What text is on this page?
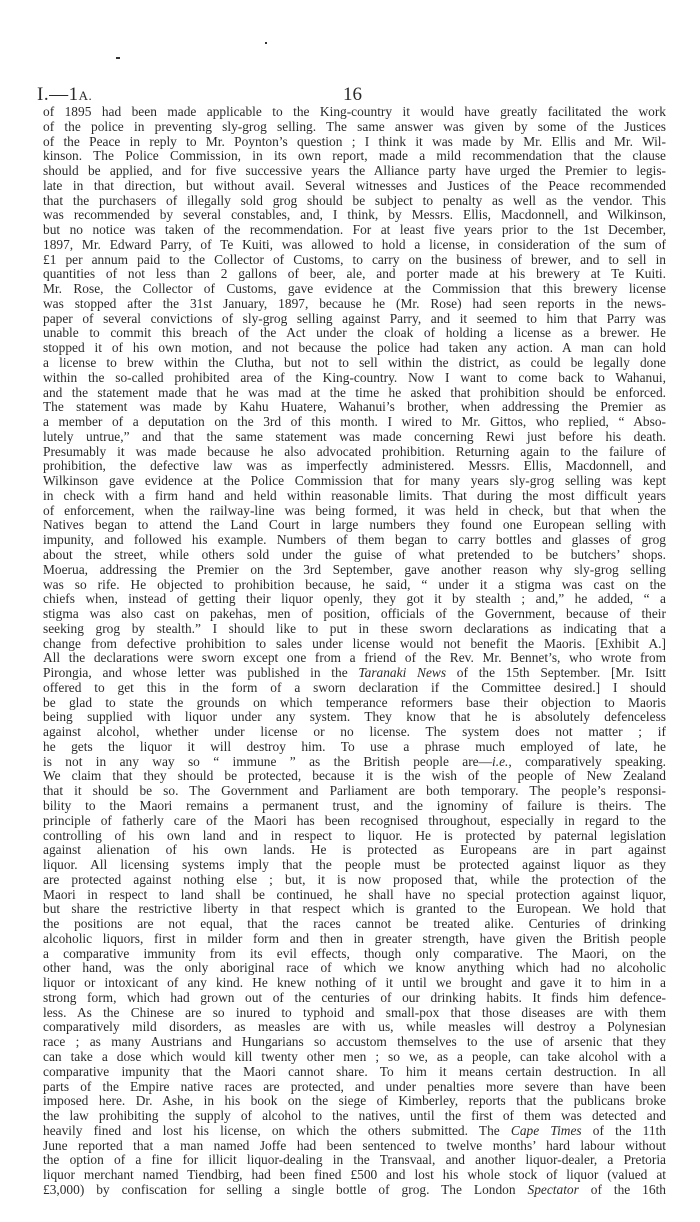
I.—1A.	16
of 1895 had been made applicable to the King-country it would have greatly facilitated the work
of the police in preventing sly-grog selling. The same answer was given by some of the Justices
of the Peace in reply to Mr. Poynton’s question ; I think it was made by Mr. Ellis and Mr. Wil-
kinson. The Police Commission, in its own report, made a mild recommendation that the clause
should be applied, and for five successive years the Alliance party have urged the Premier to legis-
late in that direction, but without avail. Several witnesses and Justices of the Peace recommended
that the purchasers of illegally sold grog should be subject to penalty as well as the vendor. This
was recommended by several constables, and, I think, by Messrs. Ellis, Macdonnell, and Wilkinson,
but no notice was taken of the recommendation. For at least five years prior to the 1st December,
1897, Mr. Edward Parry, of Te Kuiti, was allowed to hold a license, in consideration of the sum of
£1 per annum paid to the Collector of Customs, to carry on the business of brewer, and to sell in
quantities of not less than 2 gallons of beer, ale, and porter made at his brewery at Te Kuiti.
Mr. Rose, the Collector of Customs, gave evidence at the Commission that this brewery license
was stopped after the 31st January, 1897, because he (Mr. Rose) had seen reports in the news-
paper of several convictions of sly-grog selling against Parry, and it seemed to him that Parry was
unable to commit this breach of the Act under the cloak of holding a license as a brewer. He
stopped it of his own motion, and not because the police had taken any action. A man can hold
a license to brew within the Clutha, but not to sell within the district, as could be legally done
within the so-called prohibited area of the King-country. Now I want to come back to Wahanui,
and the statement made that he was mad at the time he asked that prohibition should be enforced.
The statement was made by Kahu Huatere, Wahanui’s brother, when addressing the Premier as
a member of a deputation on the 3rd of this month. I wired to Mr. Gittos, who replied, “ Abso-
lutely untrue,” and that the same statement was made concerning Rewi just before his death.
Presumably it was made because he also advocated prohibition. Returning again to the failure of
prohibition, the defective law was as imperfectly administered. Messrs. Ellis, Macdonnell, and
Wilkinson gave evidence at the Police Commission that for many years sly-grog selling was kept
in check with a firm hand and held within reasonable limits. That during the most difficult years
of enforcement, when the railway-line was being formed, it was held in check, but that when the
Natives began to attend the Land Court in large numbers they found one European selling with
impunity, and followed his example. Numbers of them began to carry bottles and glasses of grog
about the street, while others sold under the guise of what pretended to be butchers’ shops.
Moerua, addressing the Premier on the 3rd September, gave another reason why sly-grog selling
was so rife. He objected to prohibition because, he said, “ under it a stigma was cast on the
chiefs when, instead of getting their liquor openly, they got it by stealth ; and,” he added, “ a
stigma was also cast on pakehas, men of position, officials of the Government, because of their
seeking grog by stealth.” I should like to put in these sworn declarations as indicating that a
change from defective prohibition to sales under license would not benefit the Maoris. [Exhibit A.]
All the declarations were sworn except one from a friend of the Rev. Mr. Bennet’s, who wrote from
Pirongia, and whose letter was published in the Taranaki News of the 15th September. [Mr. Isitt
offered to get this in the form of a sworn declaration if the Committee desired.] I should
be glad to state the grounds on which temperance reformers base their objection to Maoris
being supplied with liquor under any system. They know that he is absolutely defenceless
against alcohol, whether under license or no license. The system does not matter ; if
he gets the liquor it will destroy him. To use a phrase much employed of late, he
is not in any way so “ immune ” as the British people are—i.e., comparatively speaking.
We claim that they should be protected, because it is the wish of the people of New Zealand
that it should be so. The Government and Parliament are both temporary. The people’s responsi-
bility to the Maori remains a permanent trust, and the ignominy of failure is theirs. The
principle of fatherly care of the Maori has been recognised throughout, especially in regard to the
controlling of his own land and in respect to liquor. He is protected by paternal legislation
against alienation of his own lands. He is protected as Europeans are in part against
liquor. All licensing systems imply that the people must be protected against liquor as they
are protected against nothing else ; but, it is now proposed that, while the protection of the
Maori in respect to land shall be continued, he shall have no special protection against liquor,
but share the restrictive liberty in that respect which is granted to the European. We hold that
the positions are not equal, that the races cannot be treated alike. Centuries of drinking
alcoholic liquors, first in milder form and then in greater strength, have given the British people
a comparative immunity from its evil effects, though only comparative. The Maori, on the
other hand, was the only aboriginal race of which we know anything which had no alcoholic
liquor or intoxicant of any kind. He knew nothing of it until we brought and gave it to him in a
strong form, which had grown out of the centuries of our drinking habits. It finds him defence-
less. As the Chinese are so inured to typhoid and small-pox that those diseases are with them
comparatively mild disorders, as measles are with us, while measles will destroy a Polynesian
race ; as many Austrians and Hungarians so accustom themselves to the use of arsenic that they
can take a dose which would kill twenty other men ; so we, as a people, can take alcohol with a
comparative impunity that the Maori cannot share. To him it means certain destruction. In all
parts of the Empire native races are protected, and under penalties more severe than have been
imposed here. Dr. Ashe, in his book on the siege of Kimberley, reports that the publicans broke
the law prohibiting the supply of alcohol to the natives, until the first of them was detected and
heavily fined and lost his license, on which the others submitted. The Cape Times of the 11th
June reported that a man named Joffe had been sentenced to twelve months’ hard labour without
the option of a fine for illicit liquor-dealing in the Transvaal, and another liquor-dealer, a Pretoria
liquor merchant named Tiendbirg, had been fined £500 and lost his whole stock of liquor (valued at
£3,000) by confiscation for selling a single bottle of grog. The London Spectator of the 16th
